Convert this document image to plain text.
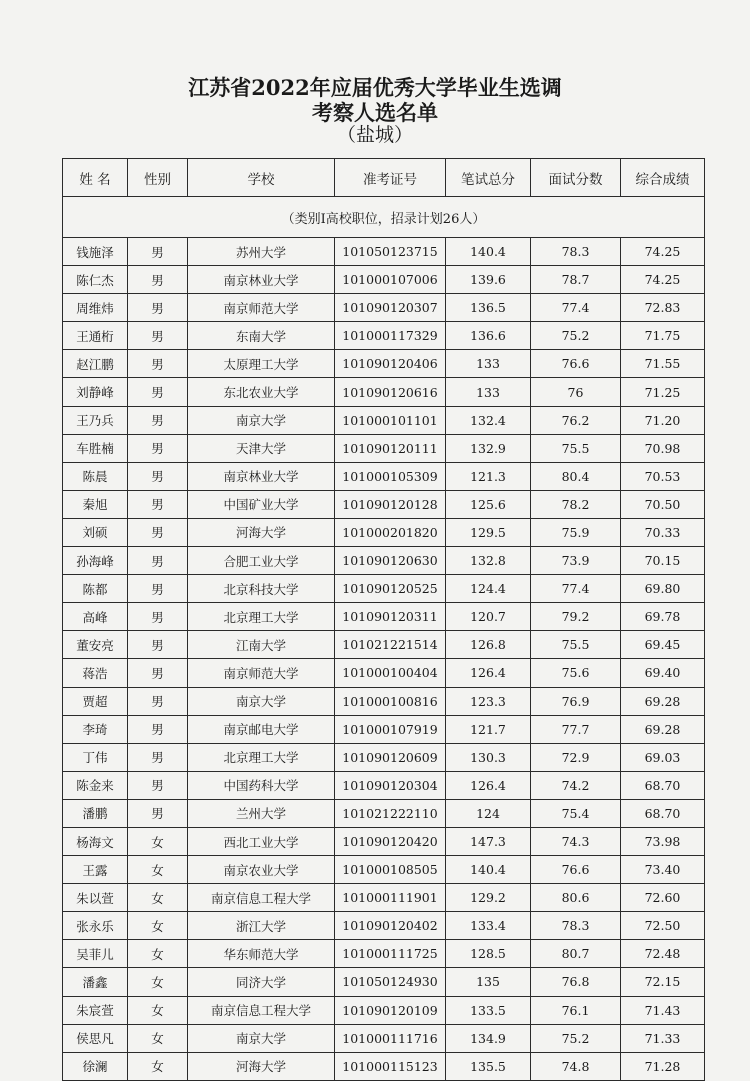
江苏省2022年应届优秀大学毕业生选调
考察人选名单
（盐城）
姓 名	性别	学校	准考证号	笔试总分	面试分数	综合成绩
（类别I高校职位，招录计划26人）						
钱施泽	男	苏州大学	101050123715	140.4	78.3	74.25
陈仁杰	男	南京林业大学	101000107006	139.6	78.7	74.25
周维炜	男	南京师范大学	101090120307	136.5	77.4	72.83
王通桁	男	东南大学	101000117329	136.6	75.2	71.75
赵江鹏	男	太原理工大学	101090120406	133	76.6	71.55
刘静峰	男	东北农业大学	101090120616	133	76	71.25
王乃兵	男	南京大学	101000101101	132.4	76.2	71.20
车胜楠	男	天津大学	101090120111	132.9	75.5	70.98
陈晨	男	南京林业大学	101000105309	121.3	80.4	70.53
秦旭	男	中国矿业大学	101090120128	125.6	78.2	70.50
刘硕	男	河海大学	101000201820	129.5	75.9	70.33
孙海峰	男	合肥工业大学	101090120630	132.8	73.9	70.15
陈都	男	北京科技大学	101090120525	124.4	77.4	69.80
高峰	男	北京理工大学	101090120311	120.7	79.2	69.78
董安亮	男	江南大学	101021221514	126.8	75.5	69.45
蒋浩	男	南京师范大学	101000100404	126.4	75.6	69.40
贾超	男	南京大学	101000100816	123.3	76.9	69.28
李琦	男	南京邮电大学	101000107919	121.7	77.7	69.28
丁伟	男	北京理工大学	101090120609	130.3	72.9	69.03
陈金来	男	中国药科大学	101090120304	126.4	74.2	68.70
潘鹏	男	兰州大学	101021222110	124	75.4	68.70
杨海文	女	西北工业大学	101090120420	147.3	74.3	73.98
王露	女	南京农业大学	101000108505	140.4	76.6	73.40
朱以萱	女	南京信息工程大学	101000111901	129.2	80.6	72.60
张永乐	女	浙江大学	101090120402	133.4	78.3	72.50
吴菲儿	女	华东师范大学	101000111725	128.5	80.7	72.48
潘鑫	女	同济大学	101050124930	135	76.8	72.15
朱宸萱	女	南京信息工程大学	101090120109	133.5	76.1	71.43
侯思凡	女	南京大学	101000111716	134.9	75.2	71.33
徐澜	女	河海大学	101000115123	135.5	74.8	71.28
